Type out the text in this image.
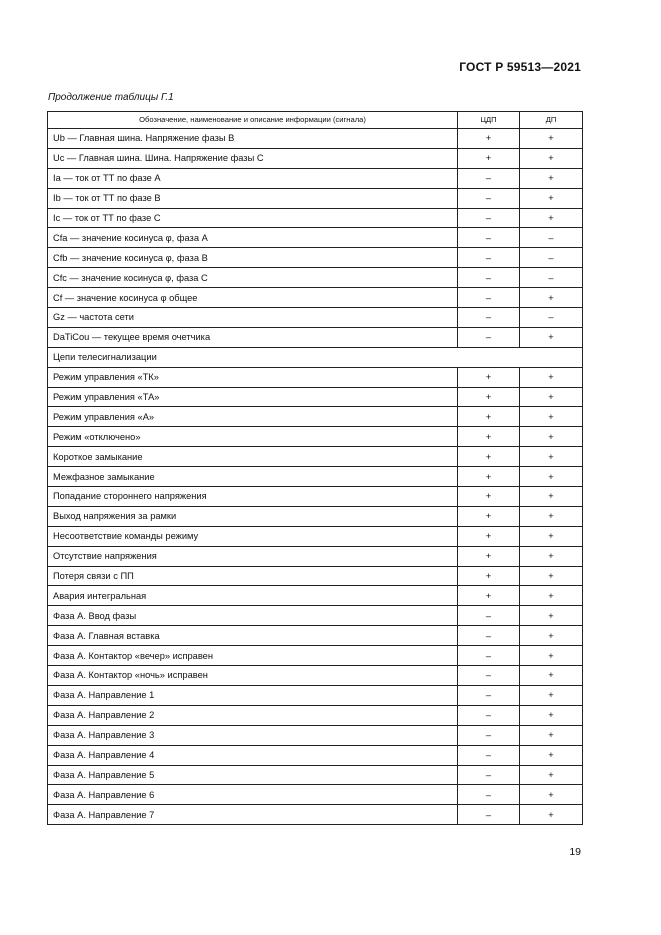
ГОСТ Р 59513—2021
Продолжение таблицы Г.1
Обозначение, наименование и описание информации (сигнала)	ЦДП	ДП
Ub — Главная шина. Напряжение фазы B	+	+
Uc — Главная шина. Шина. Напряжение фазы C	+	+
Ia — ток от ТТ по фазе A	–	+
Ib — ток от ТТ по фазе B	–	+
Ic — ток от ТТ по фазе C	–	+
Cfa — значение косинуса φ, фаза A	–	–
Cfb — значение косинуса φ, фаза B	–	–
Cfc — значение косинуса φ, фаза C	–	–
Cf — значение косинуса φ общее	–	+
Gz — частота сети	–	–
DaTiCou — текущее время очетчика	–	+
Цепи телесигнализации		
Режим управления «ТК»	+	+
Режим управления «ТА»	+	+
Режим управления «А»	+	+
Режим «отключено»	+	+
Короткое замыкание	+	+
Межфазное замыкание	+	+
Попадание стороннего напряжения	+	+
Выход напряжения за рамки	+	+
Несоответствие команды режиму	+	+
Отсутствие напряжения	+	+
Потеря связи с ПП	+	+
Авария интегральная	+	+
Фаза А. Ввод фазы	–	+
Фаза А. Главная вставка	–	+
Фаза А. Контактор «вечер» исправен	–	+
Фаза А. Контактор «ночь» исправен	–	+
Фаза А. Направление 1	–	+
Фаза А. Направление 2	–	+
Фаза А. Направление 3	–	+
Фаза А. Направление 4	–	+
Фаза А. Направление 5	–	+
Фаза А. Направление 6	–	+
Фаза А. Направление 7	–	+
19
